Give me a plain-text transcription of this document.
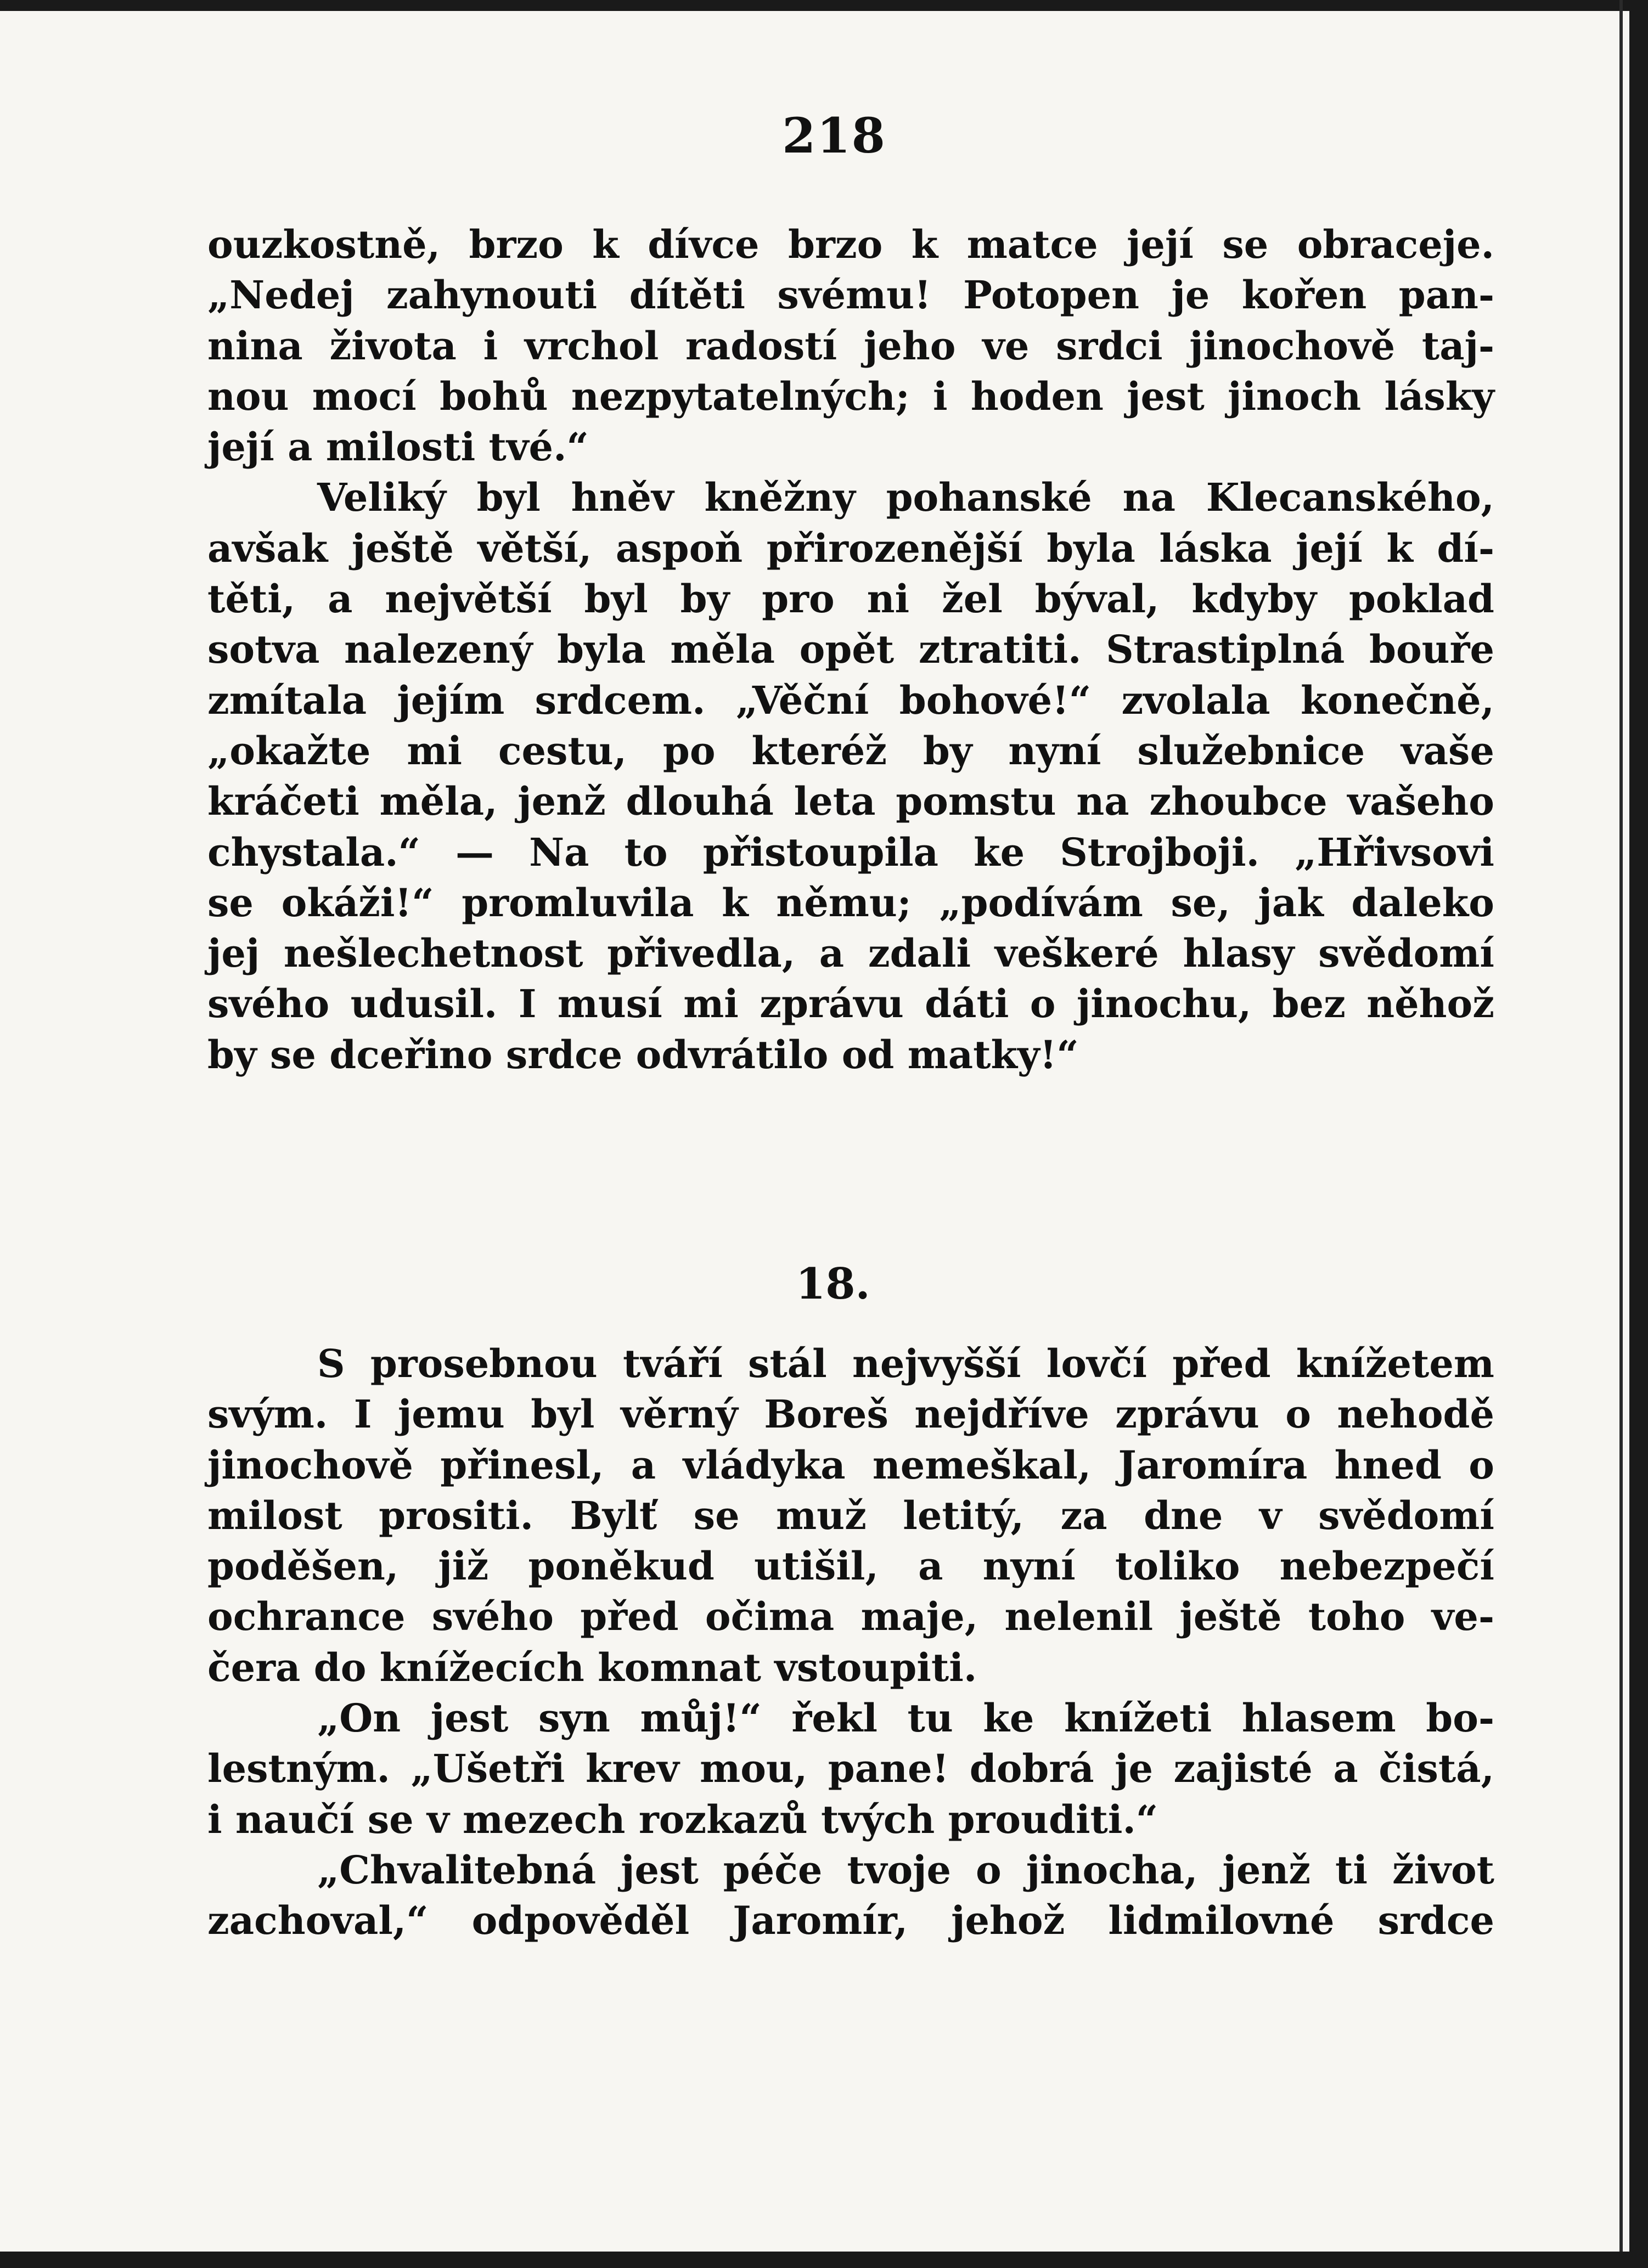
218
ouzkostně, brzo k dívce brzo k matce její se obraceje.
„Nedej zahynouti dítěti svému! Potopen je kořen pan-
nina života i vrchol radostí jeho ve srdci jinochově taj-
nou mocí bohů nezpytatelných; i hoden jest jinoch lásky
její a milosti tvé.“
Veliký byl hněv kněžny pohanské na Klecanského,
avšak ještě větší, aspoň přirozenější byla láska její k dí-
těti, a největší byl by pro ni žel býval, kdyby poklad
sotva nalezený byla měla opět ztratiti. Strastiplná bouře
zmítala jejím srdcem. „Věční bohové!“ zvolala konečně,
„okažte mi cestu, po kteréž by nyní služebnice vaše
kráčeti měla, jenž dlouhá leta pomstu na zhoubce vašeho
chystala.“ — Na to přistoupila ke Strojboji. „Hřivsovi
se okáži!“ promluvila k němu; „podívám se, jak daleko
jej nešlechetnost přivedla, a zdali veškeré hlasy svědomí
svého udusil. I musí mi zprávu dáti o jinochu, bez něhož
by se dceřino srdce odvrátilo od matky!“
18.
S prosebnou tváří stál nejvyšší lovčí před knížetem
svým. I jemu byl věrný Boreš nejdříve zprávu o nehodě
jinochově přinesl, a vládyka nemeškal, Jaromíra hned o
milost prositi. Bylť se muž letitý, za dne v svědomí
poděšen, již poněkud utišil, a nyní toliko nebezpečí
ochrance svého před očima maje, nelenil ještě toho ve-
čera do knížecích komnat vstoupiti.
„On jest syn můj!“ řekl tu ke knížeti hlasem bo-
lestným. „Ušetři krev mou, pane! dobrá je zajisté a čistá,
i naučí se v mezech rozkazů tvých prouditi.“
„Chvalitebná jest péče tvoje o jinocha, jenž ti život
zachoval,“ odpověděl Jaromír, jehož lidmilovné srdce
